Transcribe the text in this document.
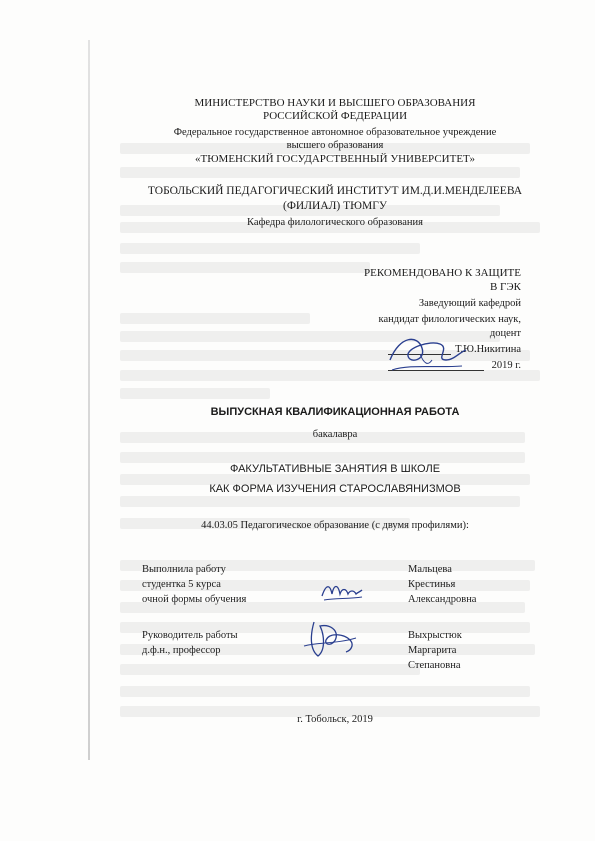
МИНИСТЕРСТВО НАУКИ И ВЫСШЕГО ОБРАЗОВАНИЯ
РОССИЙСКОЙ ФЕДЕРАЦИИ
Федеральное государственное автономное образовательное учреждение
высшего образования
«ТЮМЕНСКИЙ ГОСУДАРСТВЕННЫЙ УНИВЕРСИТЕТ»
ТОБОЛЬСКИЙ ПЕДАГОГИЧЕСКИЙ ИНСТИТУТ ИМ.Д.И.МЕНДЕЛЕЕВА
(ФИЛИАЛ) ТЮМГУ
Кафедра филологического образования
РЕКОМЕНДОВАНО К ЗАЩИТЕ
В ГЭК
Заведующий кафедрой
кандидат филологических наук,
доцент
Т.Ю.Никитина
2019 г.
ВЫПУСКНАЯ КВАЛИФИКАЦИОННАЯ РАБОТА
бакалавра
ФАКУЛЬТАТИВНЫЕ ЗАНЯТИЯ В ШКОЛЕ
КАК ФОРМА ИЗУЧЕНИЯ СТАРОСЛАВЯНИЗМОВ
44.03.05 Педагогическое образование (с двумя профилями):
Выполнила работу
студентка 5 курса
очной формы обучения
Мальцева
Крестинья
Александровна
Руководитель работы
д.ф.н., профессор
Выхрыстюк
Маргарита
Степановна
г. Тобольск, 2019
